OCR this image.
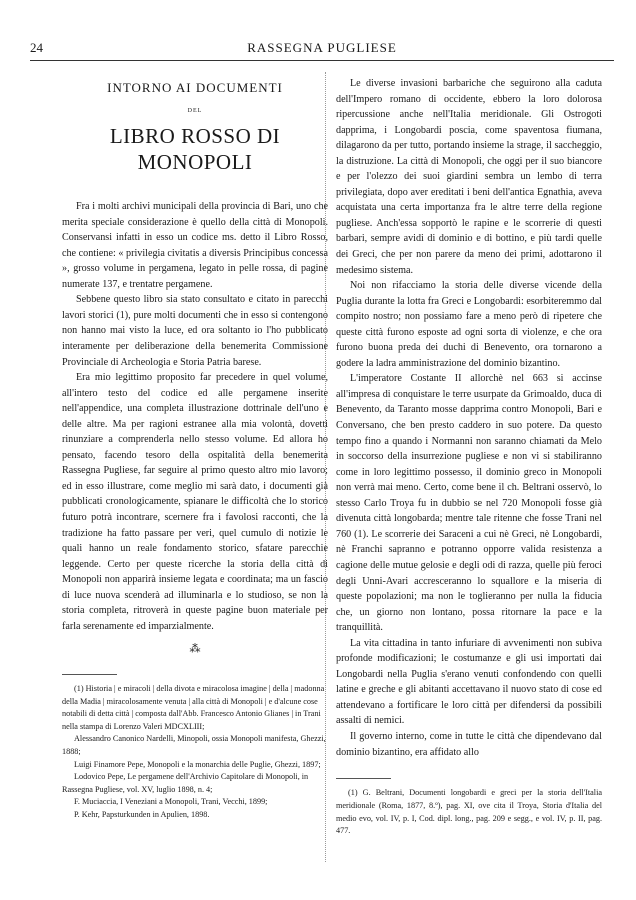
24	RASSEGNA PUGLIESE
INTORNO AI DOCUMENTI
DEL
LIBRO ROSSO DI MONOPOLI

Fra i molti archivi municipali della provincia di Bari, uno che merita speciale considerazione è quello della città di Monopoli. Conservansi infatti in esso un codice ms. detto il Libro Rosso, che contiene: « privilegia civitatis a diversis Principibus concessa », grosso volume in pergamena, legato in pelle rossa, di pagine numerate 137, e trentatre pergamene.

Sebbene questo libro sia stato consultato e citato in parecchi lavori storici (1), pure molti documenti che in esso si contengono non hanno mai visto la luce, ed ora soltanto io l'ho pubblicato interamente per deliberazione della benemerita Commissione Provinciale di Archeologia e Storia Patria barese.

Era mio legittimo proposito far precedere in quel volume, all'intero testo del codice ed alle pergamene inserite nell'appendice, una completa illustrazione dottrinale dell'uno e delle altre. Ma per ragioni estranee alla mia volontà, dovetti rinunziare a comprenderla nello stesso volume. Ed allora ho pensato, facendo tesoro della ospitalità della benemerita Rassegna Pugliese, far seguire al primo questo altro mio lavoro; ed in esso illustrare, come meglio mi sarà dato, i documenti già pubblicati cronologicamente, spianare le difficoltà che lo storico futuro potrà incontrare, scernere fra i favolosi racconti, che la tradizione ha fatto passare per veri, quel cumulo di notizie le quali hanno un reale fondamento storico, sfatare parecchie leggende. Certo per queste ricerche la storia della città di Monopoli non apparirà insieme legata e coordinata; ma un fascio di luce nuova scenderà ad illuminarla e lo studioso, se non la storia completa, ritroverà in queste pagine buon materiale per farla serenamente ed imparzialmente.

⁂

(1) Historia | e miracoli | della divota e miracolosa imagine | della | madonna della Madia | miracolosamente venuta | alla città di Monopoli | e d'alcune cose notabili di detta città | composta dall'Abb. Francesco Antonio Glianes | in Trani nella stampa di Lorenzo Valeri MDCXLIII;

Alessandro Canonico Nardelli, Minopoli, ossia Monopoli manifesta, Ghezzi, 1888;

Luigi Finamore Pepe, Monopoli e la monarchia delle Puglie, Ghezzi, 1897;

Lodovico Pepe, Le pergamene dell'Archivio Capitolare di Monopoli, in Rassegna Pugliese, vol. XV, luglio 1898, n. 4;

F. Muciaccia, I Veneziani a Monopoli, Trani, Vecchi, 1899;

P. Kehr, Papsturkunden in Apulien, 1898.

Le diverse invasioni barbariche che seguirono alla caduta dell'Impero romano di occidente, ebbero la loro dolorosa ripercussione anche nell'Italia meridionale. Gli Ostrogoti dapprima, i Longobardi poscia, come spaventosa fiumana, dilagarono da per tutto, portando insieme la strage, il saccheggio, la distruzione. La città di Monopoli, che oggi per il suo biancore e per l'olezzo dei suoi giardini sembra un lembo di terra privilegiata, dopo aver ereditati i beni dell'antica Egnathia, aveva acquistata una certa importanza fra le altre terre della regione pugliese. Anch'essa sopportò le rapine e le scorrerie di questi barbari, sempre avidi di dominio e di bottino, e più tardi quelle dei Greci, che per non parere da meno dei primi, adottarono il medesimo sistema.

Noi non rifacciamo la storia delle diverse vicende della Puglia durante la lotta fra Greci e Longobardi: esorbiteremmo dal compito nostro; non possiamo fare a meno però di ripetere che queste città furono esposte ad ogni sorta di violenze, e che ora furono buona preda dei duchi di Benevento, ora tornarono a godere la ladra amministrazione del dominio bizantino.

L'imperatore Costante II allorchè nel 663 si accinse all'impresa di conquistare le terre usurpate da Grimoaldo, duca di Benevento, da Taranto mosse dapprima contro Monopoli, Bari e Conversano, che ben presto caddero in suo potere. Da questo tempo fino a quando i Normanni non saranno chiamati da Melo in soccorso della insurrezione pugliese e non vi si stabiliranno come in loro legittimo possesso, il dominio greco in Monopoli non verrà mai meno. Certo, come bene il ch. Beltrani osservò, lo stesso Carlo Troya fu in dubbio se nel 720 Monopoli fosse già divenuta città longobarda; mentre tale ritenne che fosse Trani nel 760 (1). Le scorrerie dei Saraceni a cui nè Greci, nè Longobardi, nè Franchi sapranno e potranno opporre valida resistenza a cagione delle mutue gelosie e degli odi di razza, quelle più feroci degli Unni-Avari accresceranno lo squallore e la miseria di queste popolazioni; ma non le toglieranno per nulla la fiducia che, un giorno non lontano, possa ritornare la pace e la tranquillità.

La vita cittadina in tanto infuriare di avvenimenti non subiva profonde modificazioni; le costumanze e gli usi importati dai Longobardi nella Puglia s'erano venuti confondendo con quelli latine e greche e gli abitanti accettavano il nuovo stato di cose ed attendevano a fortificare le loro città per difendersi da possibili assalti di nemici.

Il governo interno, come in tutte le città che dipendevano dal dominio bizantino, era affidato allo

(1) G. Beltrani, Documenti longobardi e greci per la storia dell'Italia meridionale (Roma, 1877, 8.º), pag. XI, ove cita il Troya, Storia d'Italia del medio evo, vol. IV, p. I, Cod. dipl. long., pag. 209 e segg., e vol. IV, p. II, pag. 477.
